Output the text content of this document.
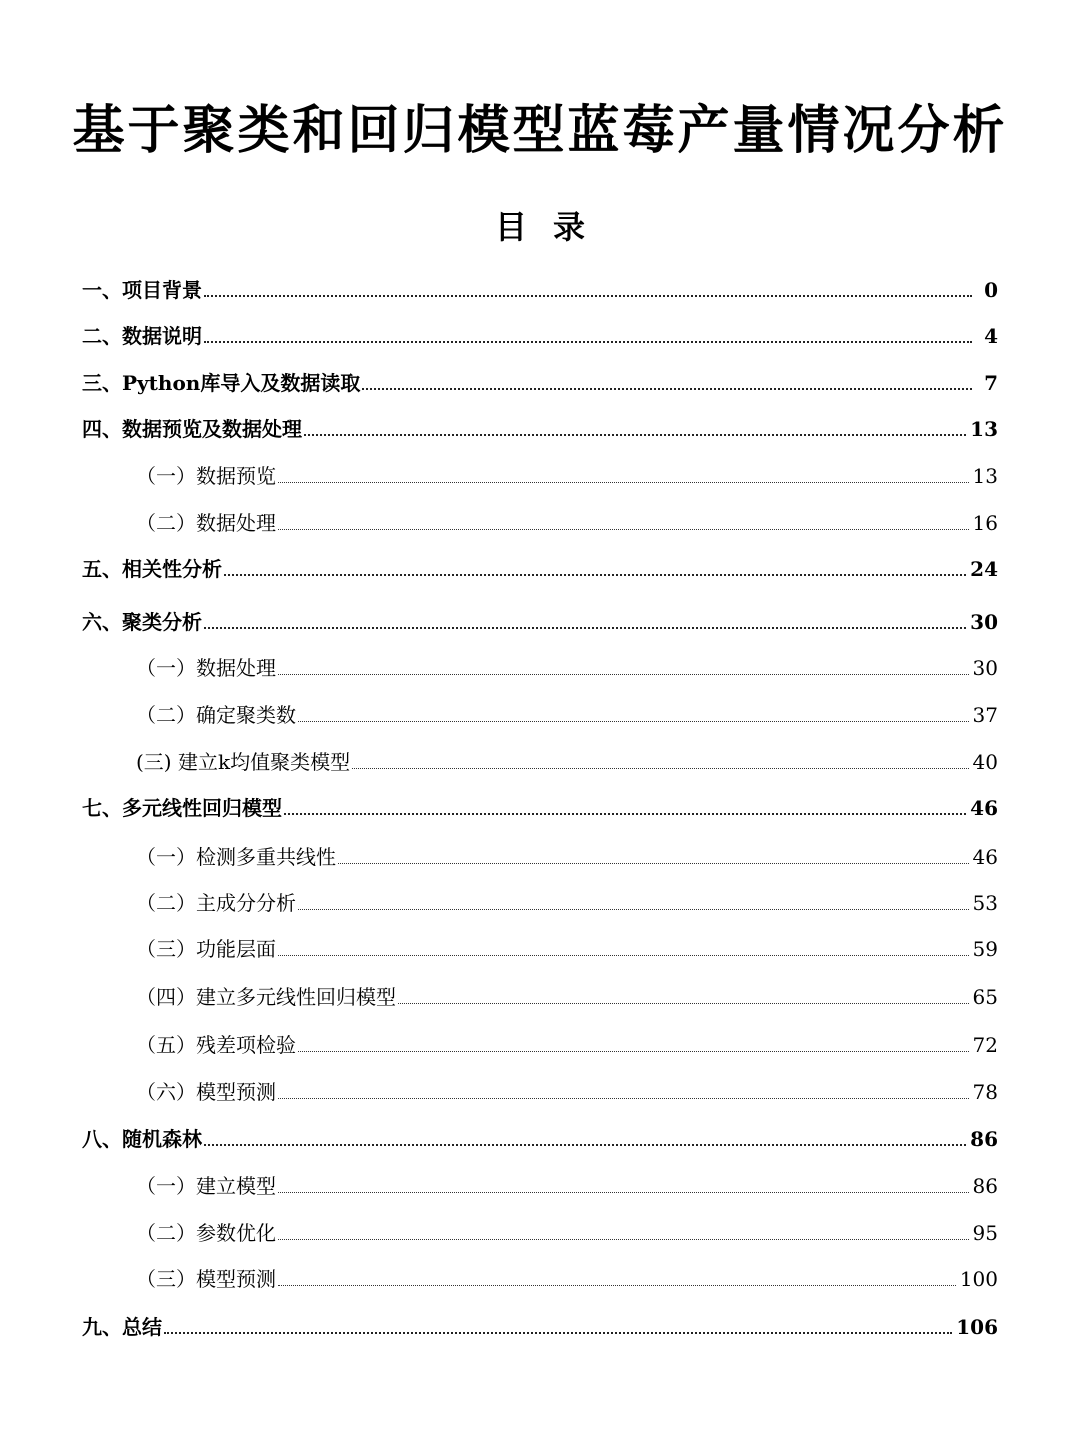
基于聚类和回归模型蓝莓产量情况分析
目 录
一、项目背景	0
二、数据说明	4
三、Python库导入及数据读取	7
四、数据预览及数据处理	13
（一）数据预览	13
（二）数据处理	16
五、相关性分析	24
六、聚类分析	30
（一）数据处理	30
（二）确定聚类数	37
(三) 建立k均值聚类模型	40
七、多元线性回归模型	46
（一）检测多重共线性	46
（二）主成分分析	53
（三）功能层面	59
（四）建立多元线性回归模型	65
（五）残差项检验	72
（六）模型预测	78
八、随机森林	86
（一）建立模型	86
（二）参数优化	95
（三）模型预测	100
九、总结	106
